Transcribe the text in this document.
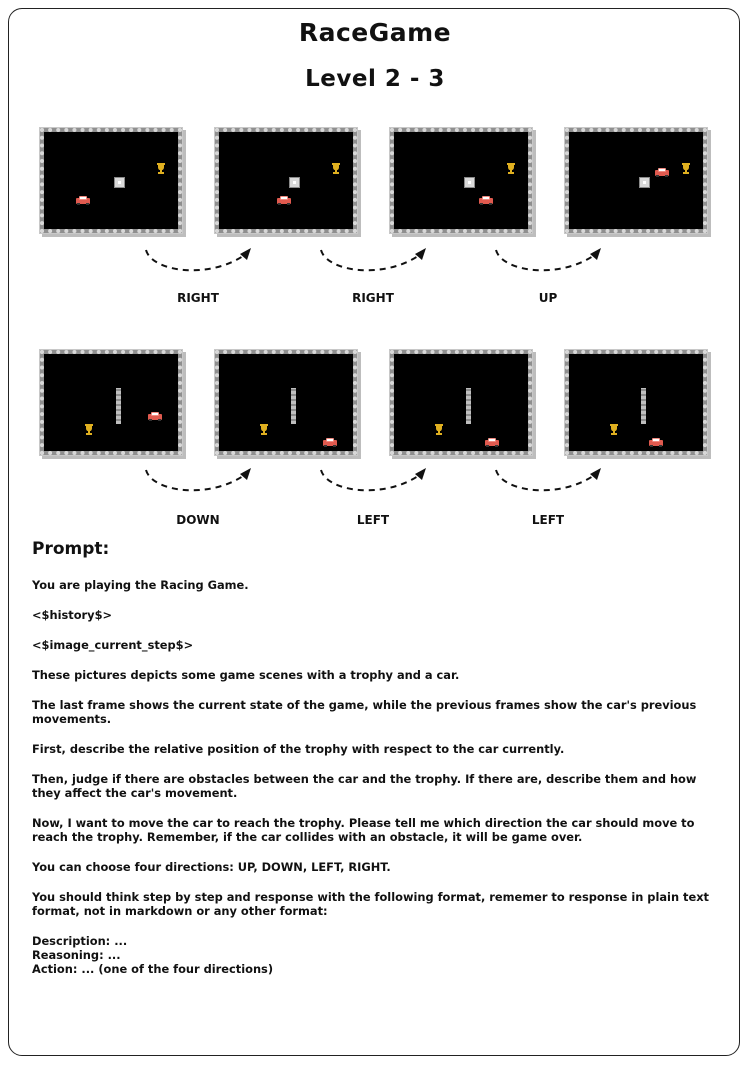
RaceGame
Level 2 - 3
RIGHT	RIGHT	UP
DOWN	LEFT	LEFT
Prompt:

You are playing the Racing Game.

<$history$>

<$image_current_step$>

These pictures depicts some game scenes with a trophy and a car.

The last frame shows the current state of the game, while the previous frames show the car's previous movements.

First, describe the relative position of the trophy with respect to the car currently.

Then, judge if there are obstacles between the car and the trophy. If there are, describe them and how they affect the car's movement.

Now, I want to move the car to reach the trophy. Please tell me which direction the car should move to reach the trophy. Remember, if the car collides with an obstacle, it will be game over.

You can choose four directions: UP, DOWN, LEFT, RIGHT.

You should think step by step and response with the following format, rememer to response in plain text format, not in markdown or any other format:

Description: ...

Reasoning: ...

Action: ... (one of the four directions)
